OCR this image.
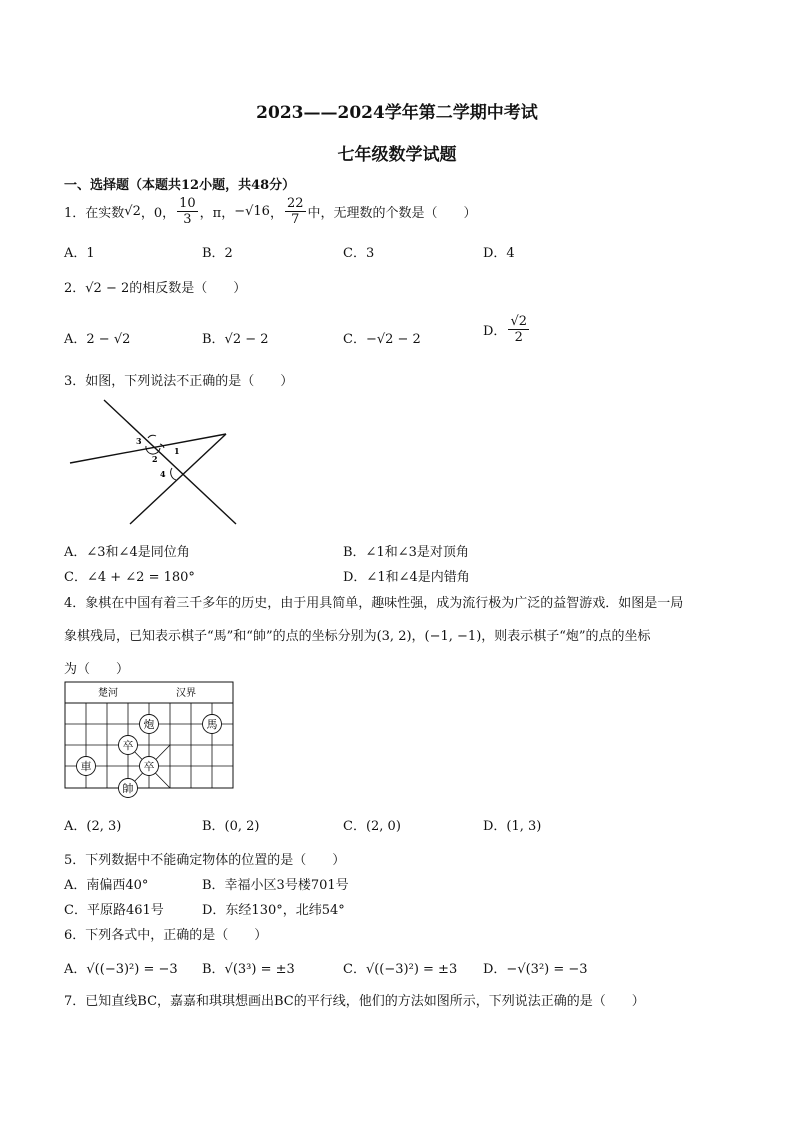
2023——2024学年第二学期中考试
七年级数学试题
一、选择题（本题共12小题，共48分）
1．在实数 √2 ，0， $\frac{10}{3}$ ，π， −√16 ， $\frac{22}{7}$ 中，无理数的个数是（　　）
A．1	B．2	C．3	D．4
2．√2 − 2的相反数是（　　）
A．2 − √2	B．√2 − 2	C．−√2 − 2
D． $\frac{√2}{2}$
3．如图，下列说法不正确的是（　　）
3
2
1
4
A．∠3和∠4是同位角	B．∠1和∠3是对顶角
C．∠4 + ∠2 = 180°	D．∠1和∠4是内错角
4．象棋在中国有着三千多年的历史，由于用具简单，趣味性强，成为流行极为广泛的益智游戏．如图是一局
象棋残局，已知表示棋子“馬”和“帥”的点的坐标分别为(3, 2)，(−1, −1)，则表示棋子“炮”的点的坐标
为（　　）
楚河	汉界
炮	馬
卒
車	卒
帥
A．(2, 3)	B．(0, 2)	C．(2, 0)	D．(1, 3)
5．下列数据中不能确定物体的位置的是（　　）
A．南偏西40°	B．幸福小区3号楼701号
C．平原路461号	D．东经130°，北纬54°
6．下列各式中，正确的是（　　）
A．√((−3)²) = −3 B．√(3³) = ±3	C．√((−3)²) = ±3 D．−√(3²) = −3
7．已知直线BC，嘉嘉和琪琪想画出BC的平行线，他们的方法如图所示，下列说法正确的是（　　）
